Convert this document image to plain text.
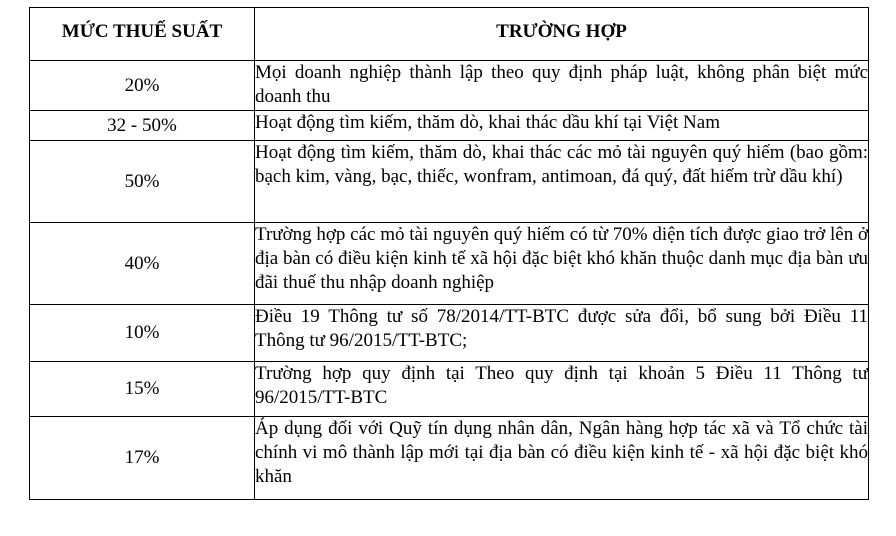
MỨC THUẾ SUẤT	TRƯỜNG HỢP
20%	Mọi doanh nghiệp thành lập theo quy định pháp luật, không phân biệt mức doanh thu
32 - 50%	Hoạt động tìm kiếm, thăm dò, khai thác dầu khí tại Việt Nam
50%	Hoạt động tìm kiếm, thăm dò, khai thác các mỏ tài nguyên quý hiếm (bao gồm: bạch kim, vàng, bạc, thiếc, wonfram, antimoan, đá quý, đất hiếm trừ dầu khí)
40%	Trường hợp các mỏ tài nguyên quý hiếm có từ 70% diện tích được giao trở lên ở địa bàn có điều kiện kinh tế xã hội đặc biệt khó khăn thuộc danh mục địa bàn ưu đãi thuế thu nhập doanh nghiệp
10%	Điều 19 Thông tư số 78/2014/TT-BTC được sửa đổi, bổ sung bởi Điều 11 Thông tư 96/2015/TT-BTC;
15%	Trường hợp quy định tại Theo quy định tại khoản 5 Điều 11 Thông tư 96/2015/TT-BTC
17%	Áp dụng đối với Quỹ tín dụng nhân dân, Ngân hàng hợp tác xã và Tổ chức tài chính vi mô thành lập mới tại địa bàn có điều kiện kinh tế - xã hội đặc biệt khó khăn
